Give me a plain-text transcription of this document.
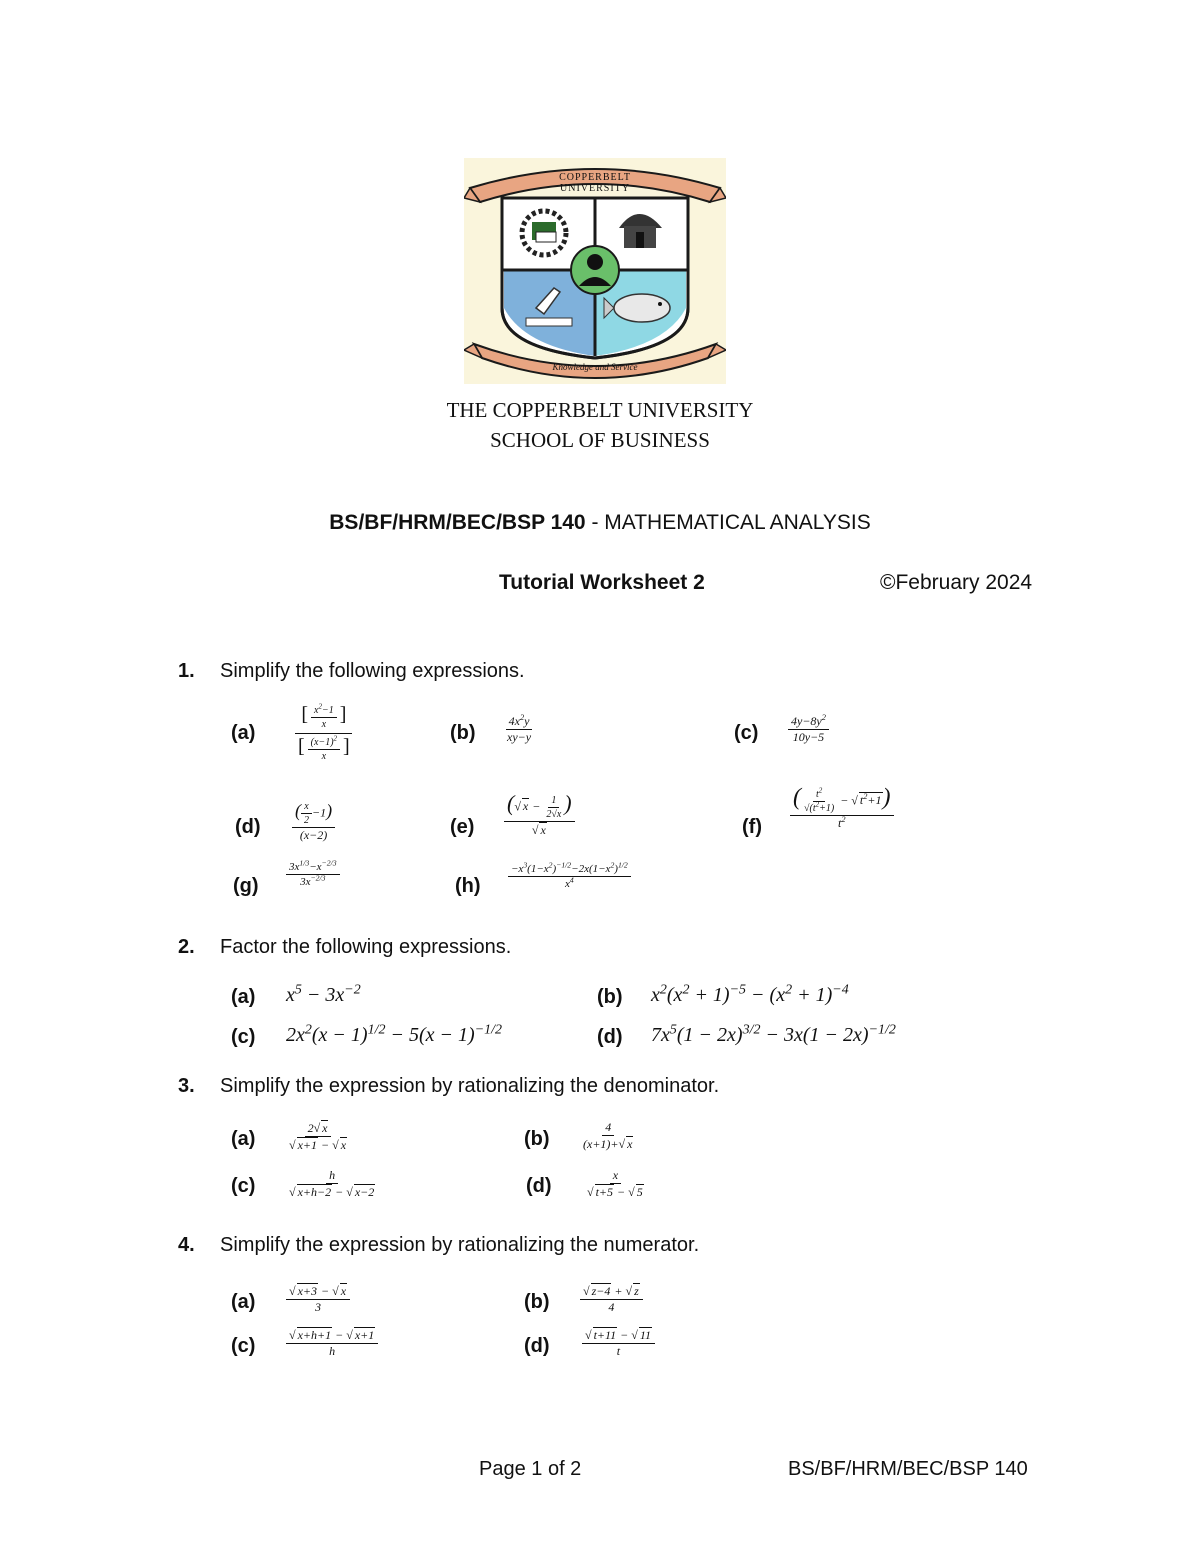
COPPERBELT UNIVERSITY
Knowledge and Service
THE COPPERBELT UNIVERSITY
SCHOOL OF BUSINESS
BS/BF/HRM/BEC/BSP 140 - MATHEMATICAL ANALYSIS
Tutorial Worksheet 2	©February 2024
1. Simplify the following expressions.
$(a) \frac{[ \frac{x^2-1}{x} ]}{[ \frac{(x-1)^2}{x} ]}$	$(b) \frac{4x^2y}{xy-y}$	$(c) \frac{4y-8y^2}{10y-5}$
$(d) \frac{( \frac{x}{2} -1)}{(x-2)}$	$(e) \frac{(√ x - \frac{1}{2√x} )}{√ x}$	$(f) \frac{( \frac{t^2}{√(t^2+1)} - √ t^2+1)}{t^2}$
$(g) \frac{3x^{1/3}-x^{-2/3}}{3x^{-2/3}}$	$(h) \frac{-x^3(1-x^2)^{-1/2}-2x(1-x^2)^{1/2}}{x^4}$
2. Factor the following expressions.
(a) $x^5 - 3x^{-2}$	(b) $x^2(x^2 + 1)^{-5} - (x^2 + 1)^{-4}$
(c) $2x^2(x - 1)^{1/2} - 5(x - 1)^{-1/2}$	(d) $7x^5(1 - 2x)^{3/2} - 3x(1 - 2x)^{-1/2}$
3. Simplify the expression by rationalizing the denominator.
(a)	$\frac{2√ x}{√ x+1 - √ x}$	(b)	$\frac{4}{(x+1)+√ x}$
(c)	$\frac{h}{√ x+h-2 - √ x-2}$	(d)	$\frac{x}{√ t+5 - √ 5}$
4. Simplify the expression by rationalizing the numerator.
(a)	$\frac{√ x+3 - √ x}{3}$	(b)	$\frac{√ z-4 + √ z}{4}$
(c)	$\frac{√ x+h+1 - √ x+1}{h}$	(d)	$\frac{√ t+11 - √ 11}{t}$
Page 1 of 2	BS/BF/HRM/BEC/BSP 140
